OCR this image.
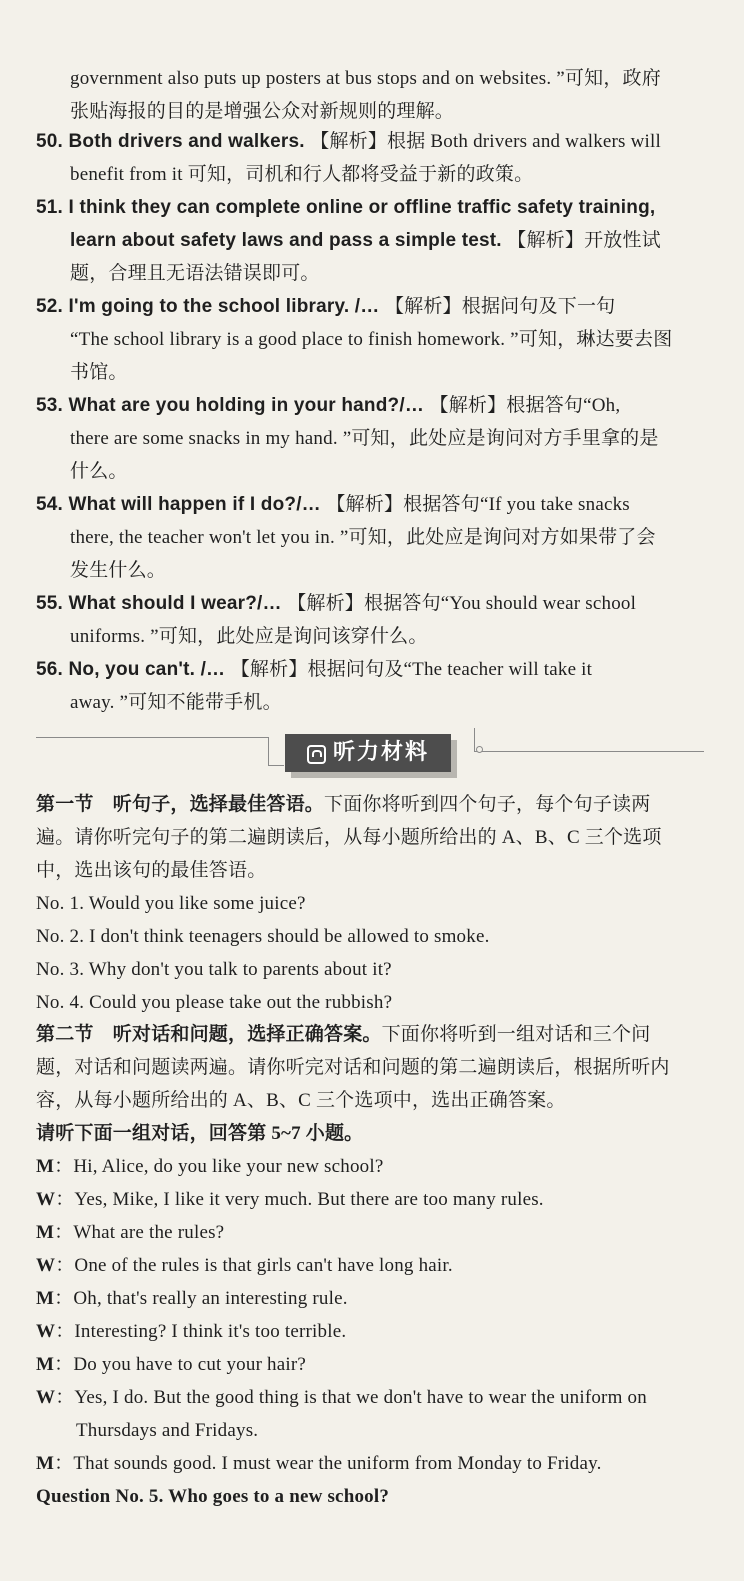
government also puts up posters at bus stops and on websites. ”可知，政府
张贴海报的目的是增强公众对新规则的理解。
50. Both drivers and walkers. 【解析】根据 Both drivers and walkers will
benefit from it 可知，司机和行人都将受益于新的政策。
51. I think they can complete online or offline traffic safety training,
learn about safety laws and pass a simple test. 【解析】开放性试
题，合理且无语法错误即可。
52. I'm going to the school library. /… 【解析】根据问句及下一句
“The school library is a good place to finish homework. ”可知，琳达要去图
书馆。
53. What are you holding in your hand?/… 【解析】根据答句“Oh,
there are some snacks in my hand. ”可知，此处应是询问对方手里拿的是
什么。
54. What will happen if I do?/… 【解析】根据答句“If you take snacks
there, the teacher won't let you in. ”可知，此处应是询问对方如果带了会
发生什么。
55. What should I wear?/… 【解析】根据答句“You should wear school
uniforms. ”可知，此处应是询问该穿什么。
56. No, you can't. /… 【解析】根据问句及“The teacher will take it
away. ”可知不能带手机。
第一节　听句子，选择最佳答语。下面你将听到四个句子，每个句子读两
遍。请你听完句子的第二遍朗读后，从每小题所给出的 A、B、C 三个选项
中，选出该句的最佳答语。
No. 1. Would you like some juice?
No. 2. I don't think teenagers should be allowed to smoke.
No. 3. Why don't you talk to parents about it?
No. 4. Could you please take out the rubbish?
第二节　听对话和问题，选择正确答案。下面你将听到一组对话和三个问
题，对话和问题读两遍。请你听完对话和问题的第二遍朗读后，根据所听内
容，从每小题所给出的 A、B、C 三个选项中，选出正确答案。
请听下面一组对话，回答第 5~7 小题。
M：Hi, Alice, do you like your new school?
W：Yes, Mike, I like it very much. But there are too many rules.
M：What are the rules?
W：One of the rules is that girls can't have long hair.
M：Oh, that's really an interesting rule.
W：Interesting? I think it's too terrible.
M：Do you have to cut your hair?
W：Yes, I do. But the good thing is that we don't have to wear the uniform on
Thursdays and Fridays.
M：That sounds good. I must wear the uniform from Monday to Friday.
Question No. 5. Who goes to a new school?
听力材料
